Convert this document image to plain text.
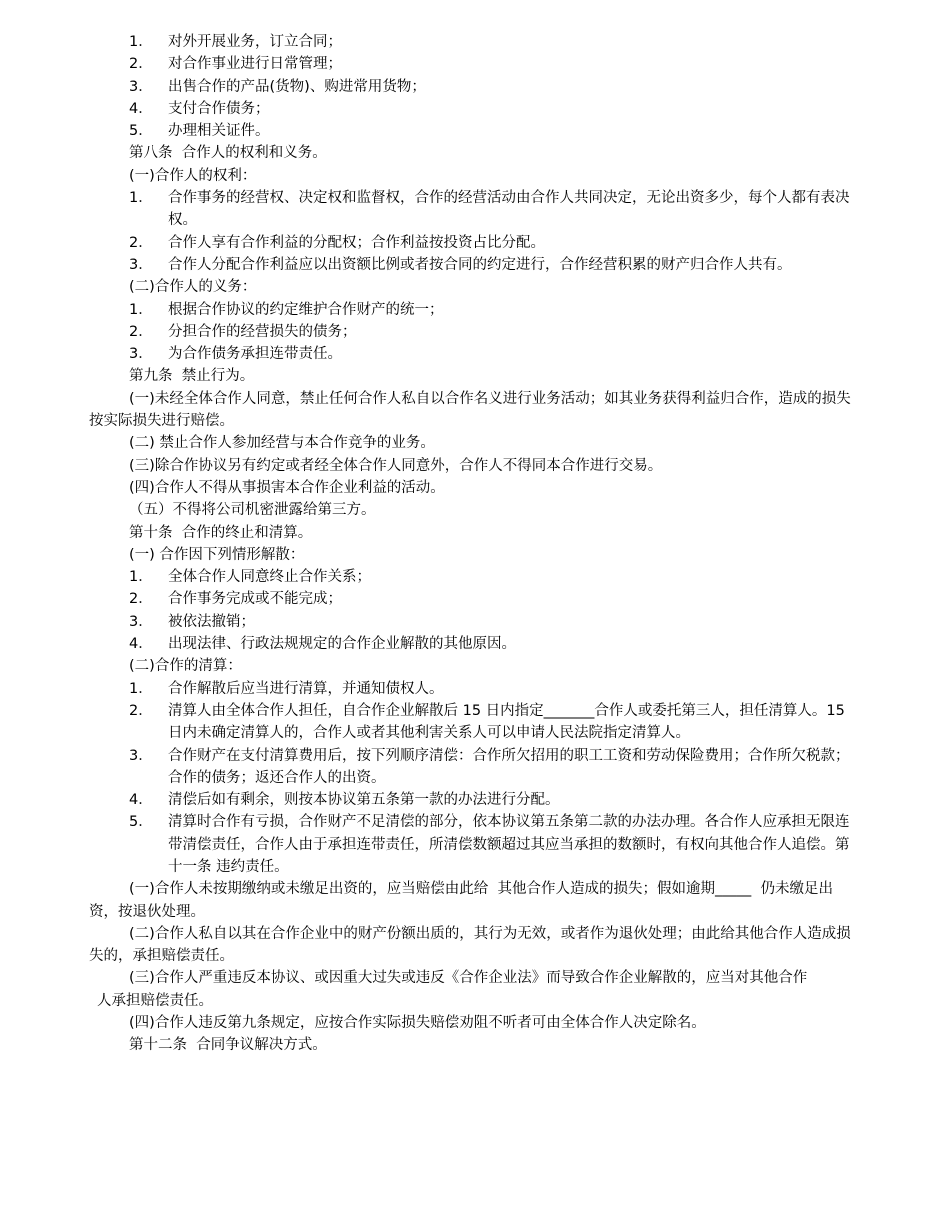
1．	对外开展业务，订立合同；
2．	对合作事业进行日常管理；
3．	出售合作的产品(货物)、购进常用货物；
4．	支付合作债务；
5．	办理相关证件。
第八条  合作人的权利和义务。
(一)合作人的权利：
1．	合作事务的经营权、决定权和监督权，合作的经营活动由合作人共同决定，无论出资多少，每个人都有表决权。
2．	合作人享有合作利益的分配权；合作利益按投资占比分配。
3．	合作人分配合作利益应以出资额比例或者按合同的约定进行，合作经营积累的财产归合作人共有。
(二)合作人的义务：
1．	根据合作协议的约定维护合作财产的统一；
2．	分担合作的经营损失的债务；
3．	为合作债务承担连带责任。
第九条  禁止行为。
(一)未经全体合作人同意，禁止任何合作人私自以合作名义进行业务活动；如其业务获得利益归合作，造成的损失按实际损失进行赔偿。
(二) 禁止合作人参加经营与本合作竞争的业务。
(三)除合作协议另有约定或者经全体合作人同意外，合作人不得同本合作进行交易。
(四)合作人不得从事损害本合作企业利益的活动。
（五）不得将公司机密泄露给第三方。
第十条  合作的终止和清算。
(一) 合作因下列情形解散：
1．	全体合作人同意终止合作关系；
2．	合作事务完成或不能完成；
3．	被依法撤销；
4．	出现法律、行政法规规定的合作企业解散的其他原因。
(二)合作的清算：
1．	合作解散后应当进行清算，并通知债权人。
2．	清算人由全体合作人担任，自合作企业解散后 15 日内指定_______合作人或委托第三人，担任清算人。15 日内未确定清算人的，合作人或者其他利害关系人可以申请人民法院指定清算人。
3．	合作财产在支付清算费用后，按下列顺序清偿：合作所欠招用的职工工资和劳动保险费用；合作所欠税款；合作的债务；返还合作人的出资。
4．	清偿后如有剩余，则按本协议第五条第一款的办法进行分配。
5．	清算时合作有亏损，合作财产不足清偿的部分，依本协议第五条第二款的办法办理。各合作人应承担无限连带清偿责任，合作人由于承担连带责任，所清偿数额超过其应当承担的数额时，有权向其他合作人追偿。第十一条 违约责任。
(一)合作人未按期缴纳或未缴足出资的，应当赔偿由此给  其他合作人造成的损失；假如逾期_____  仍未缴足出资，按退伙处理。
(二)合作人私自以其在合作企业中的财产份额出质的，其行为无效，或者作为退伙处理；由此给其他合作人造成损失的，承担赔偿责任。
(三)合作人严重违反本协议、或因重大过失或违反《合作企业法》而导致合作企业解散的，应当对其他合作
人承担赔偿责任。
(四)合作人违反第九条规定，应按合作实际损失赔偿劝阻不听者可由全体合作人决定除名。
第十二条  合同争议解决方式。
